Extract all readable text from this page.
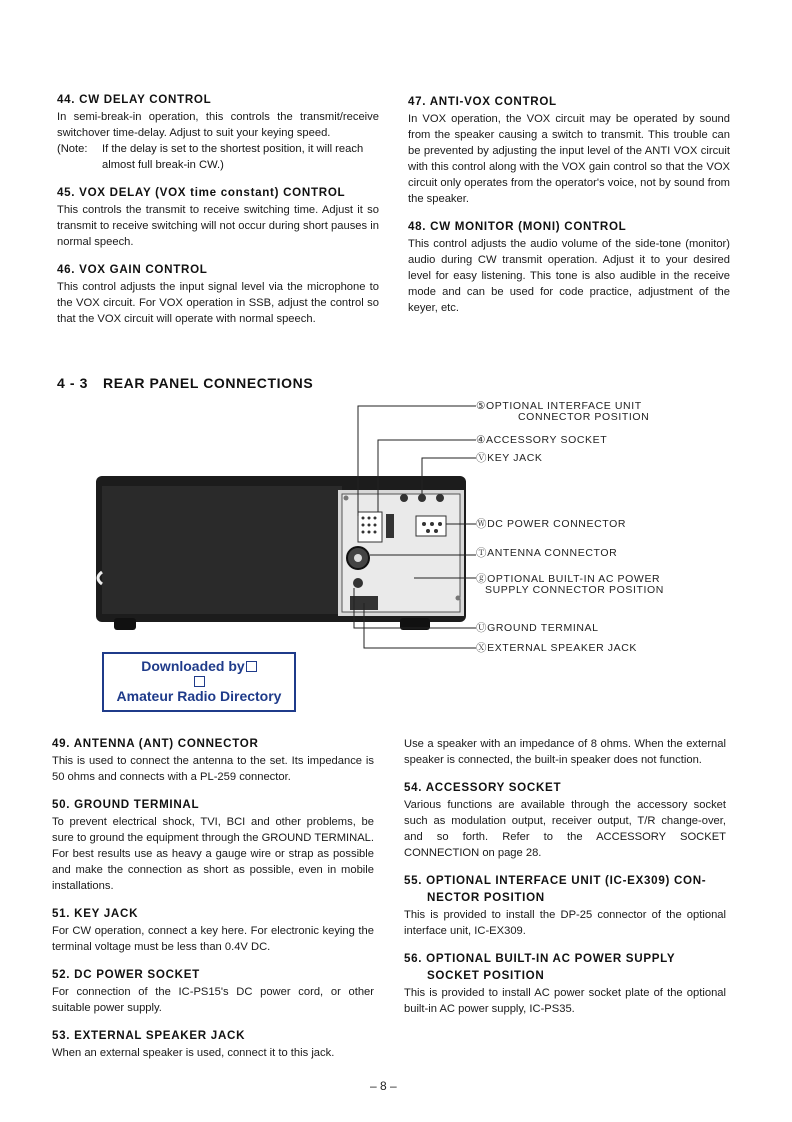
44. CW DELAY CONTROL

In semi-break-in operation, this controls the transmit/receive switchover time-delay. Adjust to suit your keying speed.

(Note:	If the delay is set to the shortest position, it will reach almost full break-in CW.)
45. VOX DELAY (VOX time constant) CONTROL

This controls the transmit to receive switching time. Adjust it so transmit to receive switching will not occur during short pauses in normal speech.

46. VOX GAIN CONTROL

This control adjusts the input signal level via the microphone to the VOX circuit. For VOX operation in SSB, adjust the control so that the VOX circuit will operate with normal speech.

47. ANTI-VOX CONTROL

In VOX operation, the VOX circuit may be operated by sound from the speaker causing a switch to transmit. This trouble can be prevented by adjusting the input level of the ANTI VOX circuit with this control along with the VOX gain control so that the VOX circuit only operates from the operator's voice, not by sound from the speaker.

48. CW MONITOR (MONI) CONTROL

This control adjusts the audio volume of the side-tone (monitor) audio during CW transmit operation. Adjust it to your desired level for easy listening. This tone is also audible in the receive mode and can be used for code practice, adjustment of the keyer, etc.

4 - 3 REAR PANEL CONNECTIONS
⑤OPTIONAL INTERFACE UNIT
CONNECTOR POSITION
④ACCESSORY SOCKET
ⓋKEY JACK
ⓌDC POWER CONNECTOR
ⓉANTENNA CONNECTOR
ⓖOPTIONAL BUILT-IN AC POWER
SUPPLY CONNECTOR POSITION
ⓊGROUND TERMINAL
ⓍEXTERNAL SPEAKER JACK
Downloaded by
Amateur Radio Directory
49. ANTENNA (ANT) CONNECTOR

This is used to connect the antenna to the set. Its impedance is 50 ohms and connects with a PL-259 connector.

50. GROUND TERMINAL

To prevent electrical shock, TVI, BCI and other problems, be sure to ground the equipment through the GROUND TERMINAL. For best results use as heavy a gauge wire or strap as possible and make the connection as short as possible, even in mobile installations.

51. KEY JACK

For CW operation, connect a key here. For electronic keying the terminal voltage must be less than 0.4V DC.

52. DC POWER SOCKET

For connection of the IC-PS15's DC power cord, or other suitable power supply.

53. EXTERNAL SPEAKER JACK

When an external speaker is used, connect it to this jack.

Use a speaker with an impedance of 8 ohms. When the external speaker is connected, the built-in speaker does not function.

54. ACCESSORY SOCKET

Various functions are available through the accessory socket such as modulation output, receiver output, T/R change-over, and so forth. Refer to the ACCESSORY SOCKET CONNECTION on page 28.

55. OPTIONAL INTERFACE UNIT (IC-EX309) CON-
NECTOR POSITION

This is provided to install the DP-25 connector of the optional interface unit, IC-EX309.

56. OPTIONAL BUILT-IN AC POWER SUPPLY
SOCKET POSITION

This is provided to install AC power socket plate of the optional built-in AC power supply, IC-PS35.

– 8 –
